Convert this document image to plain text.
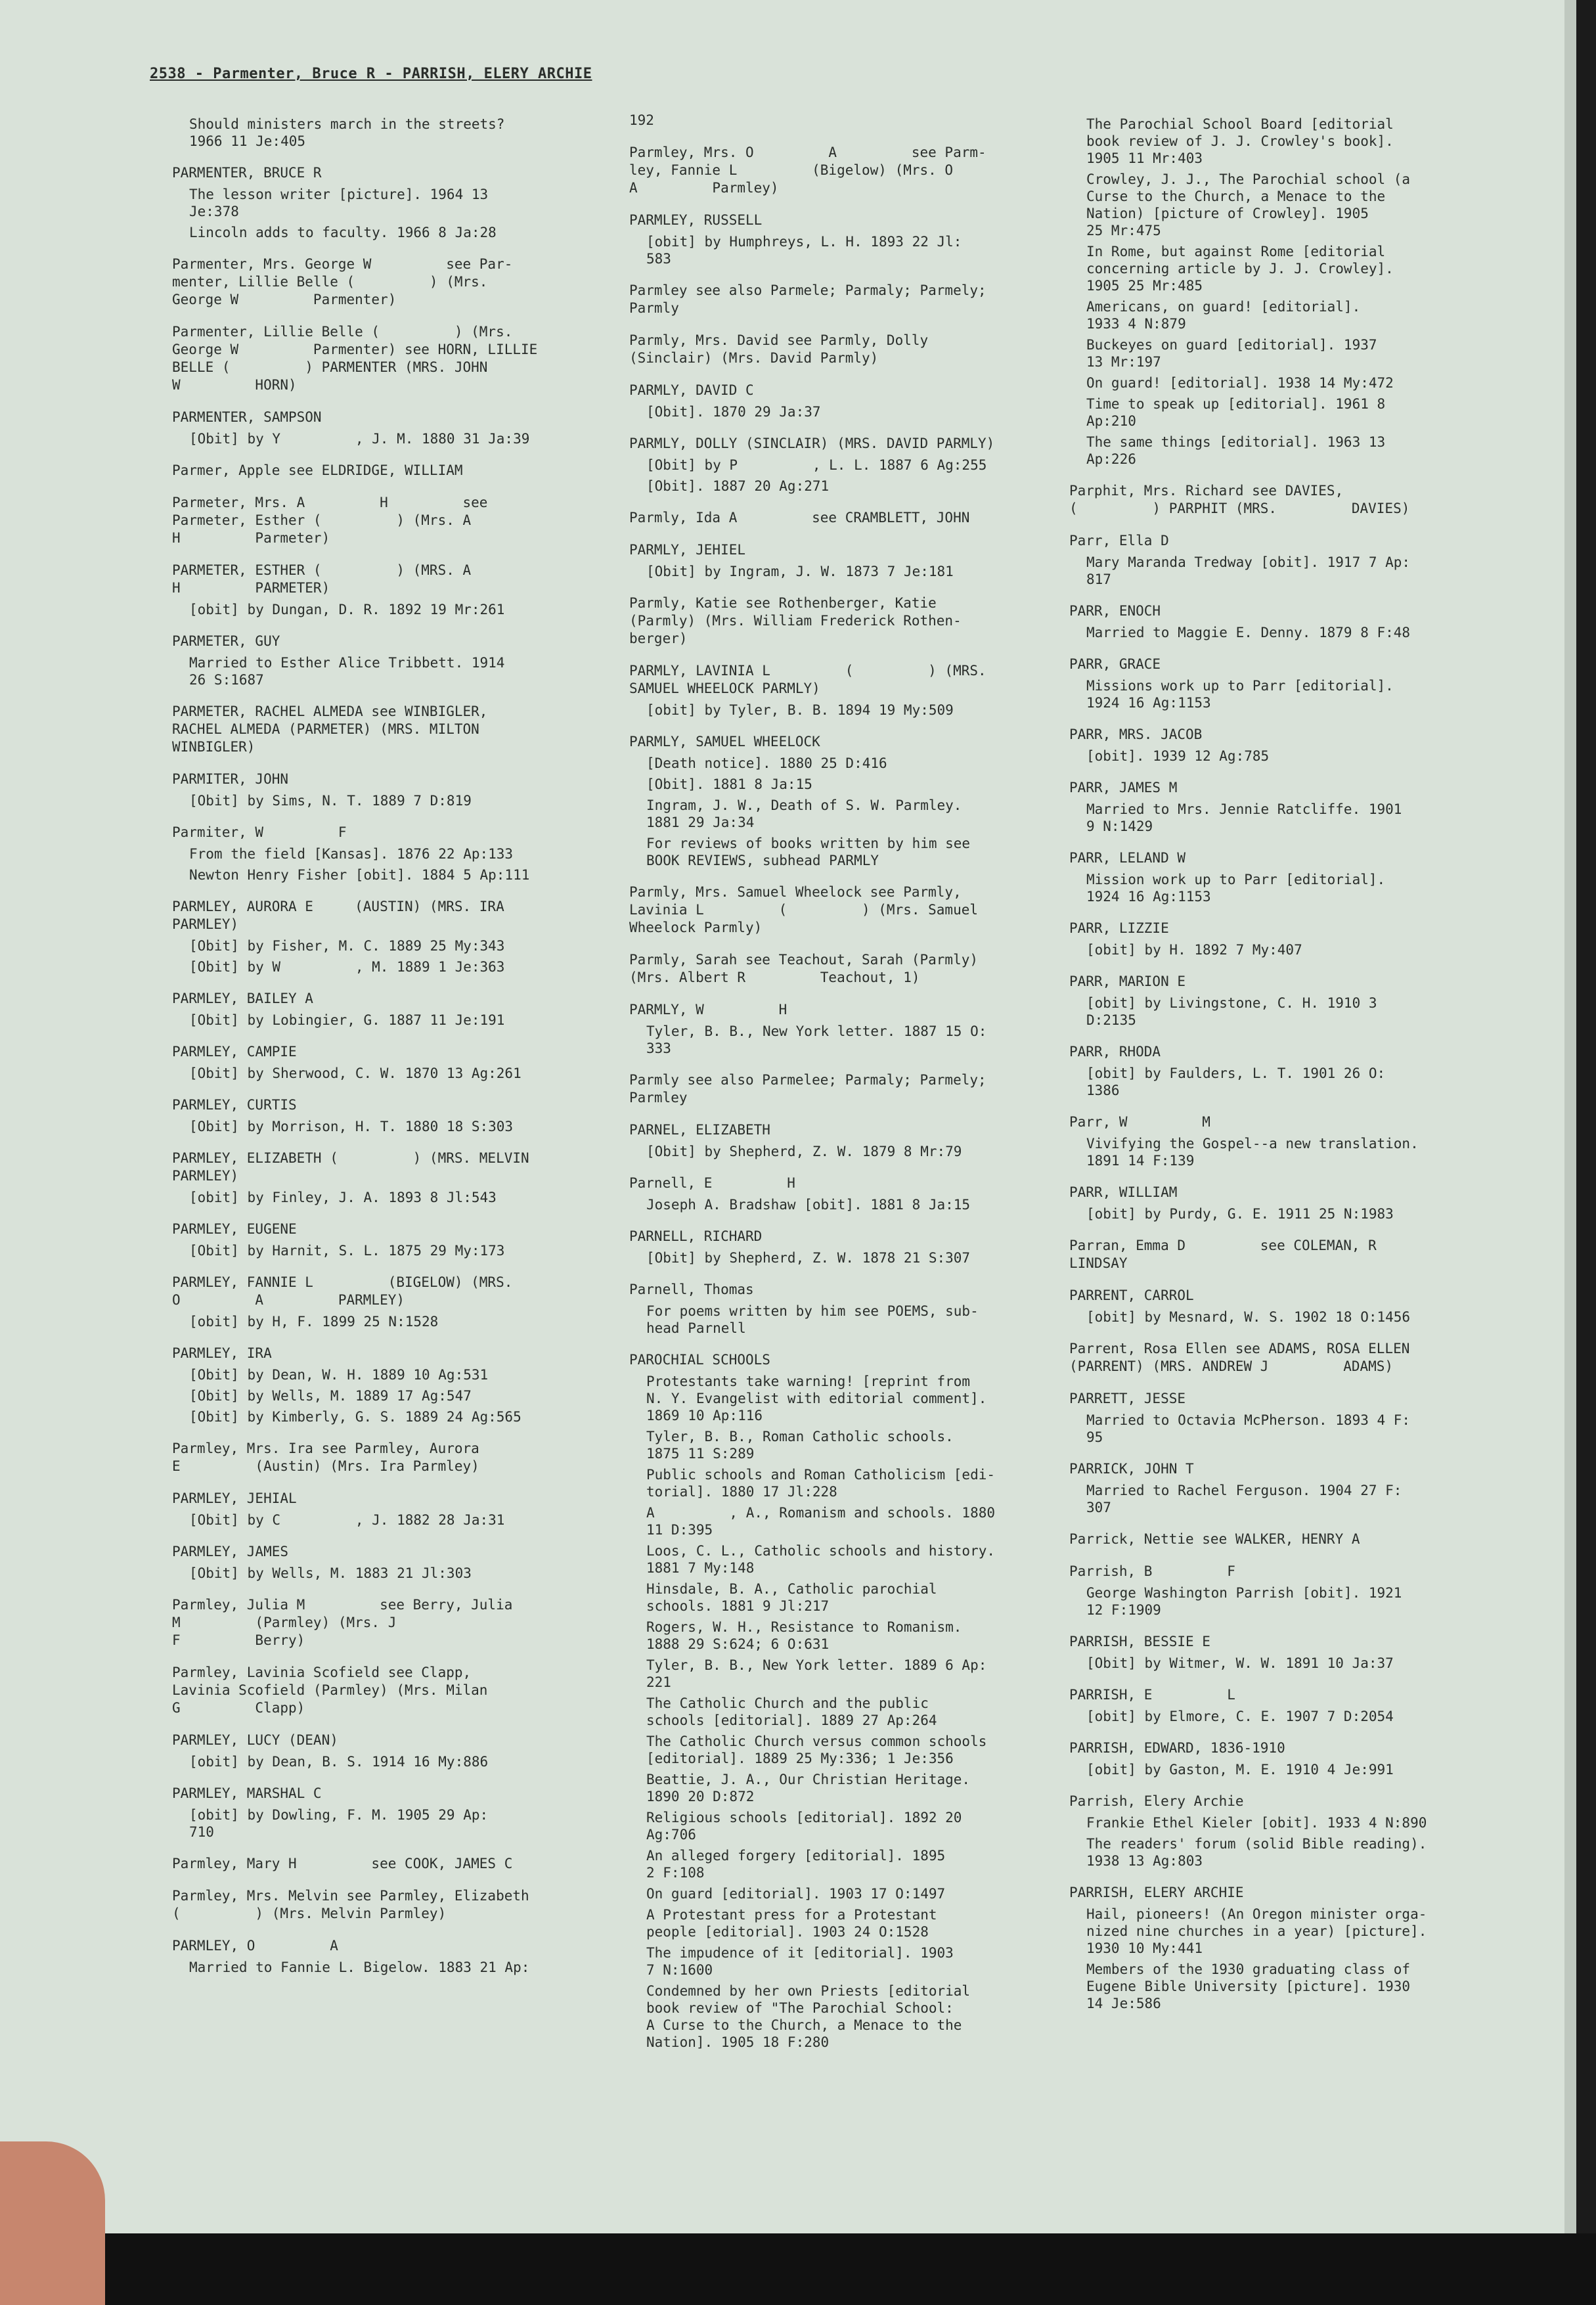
2538 - Parmenter, Bruce R - PARRISH, ELERY ARCHIE
Should ministers march in the streets?
1966 11 Je:405
PARMENTER, BRUCE R
The lesson writer [picture]. 1964 13
Je:378
Lincoln adds to faculty. 1966 8 Ja:28
Parmenter, Mrs. George W         see Par-
menter, Lillie Belle (         ) (Mrs.
George W         Parmenter)
Parmenter, Lillie Belle (         ) (Mrs.
George W         Parmenter) see HORN, LILLIE
BELLE (         ) PARMENTER (MRS. JOHN
W         HORN)
PARMENTER, SAMPSON
[Obit] by Y         , J. M. 1880 31 Ja:39
Parmer, Apple see ELDRIDGE, WILLIAM
Parmeter, Mrs. A         H         see
Parmeter, Esther (         ) (Mrs. A
H         Parmeter)
PARMETER, ESTHER (         ) (MRS. A
H         PARMETER)
[obit] by Dungan, D. R. 1892 19 Mr:261
PARMETER, GUY
Married to Esther Alice Tribbett. 1914
26 S:1687
PARMETER, RACHEL ALMEDA see WINBIGLER,
RACHEL ALMEDA (PARMETER) (MRS. MILTON
WINBIGLER)
PARMITER, JOHN
[Obit] by Sims, N. T. 1889 7 D:819
Parmiter, W         F
From the field [Kansas]. 1876 22 Ap:133
Newton Henry Fisher [obit]. 1884 5 Ap:111
PARMLEY, AURORA E     (AUSTIN) (MRS. IRA
PARMLEY)
[Obit] by Fisher, M. C. 1889 25 My:343
[Obit] by W         , M. 1889 1 Je:363
PARMLEY, BAILEY A
[Obit] by Lobingier, G. 1887 11 Je:191
PARMLEY, CAMPIE
[Obit] by Sherwood, C. W. 1870 13 Ag:261
PARMLEY, CURTIS
[Obit] by Morrison, H. T. 1880 18 S:303
PARMLEY, ELIZABETH (         ) (MRS. MELVIN
PARMLEY)
[obit] by Finley, J. A. 1893 8 Jl:543
PARMLEY, EUGENE
[Obit] by Harnit, S. L. 1875 29 My:173
PARMLEY, FANNIE L         (BIGELOW) (MRS.
O         A         PARMLEY)
[obit] by H, F. 1899 25 N:1528
PARMLEY, IRA
[Obit] by Dean, W. H. 1889 10 Ag:531
[Obit] by Wells, M. 1889 17 Ag:547
[Obit] by Kimberly, G. S. 1889 24 Ag:565
Parmley, Mrs. Ira see Parmley, Aurora
E         (Austin) (Mrs. Ira Parmley)
PARMLEY, JEHIAL
[Obit] by C         , J. 1882 28 Ja:31
PARMLEY, JAMES
[Obit] by Wells, M. 1883 21 Jl:303
Parmley, Julia M         see Berry, Julia
M         (Parmley) (Mrs. J
F         Berry)
Parmley, Lavinia Scofield see Clapp,
Lavinia Scofield (Parmley) (Mrs. Milan
G         Clapp)
PARMLEY, LUCY (DEAN)
[obit] by Dean, B. S. 1914 16 My:886
PARMLEY, MARSHAL C
[obit] by Dowling, F. M. 1905 29 Ap:
710
Parmley, Mary H         see COOK, JAMES C
Parmley, Mrs. Melvin see Parmley, Elizabeth
(         ) (Mrs. Melvin Parmley)
PARMLEY, O         A
Married to Fannie L. Bigelow. 1883 21 Ap:
192
Parmley, Mrs. O         A         see Parm-
ley, Fannie L         (Bigelow) (Mrs. O
A         Parmley)
PARMLEY, RUSSELL
[obit] by Humphreys, L. H. 1893 22 Jl:
583
Parmley see also Parmele; Parmaly; Parmely;
Parmly
Parmly, Mrs. David see Parmly, Dolly
(Sinclair) (Mrs. David Parmly)
PARMLY, DAVID C
[Obit]. 1870 29 Ja:37
PARMLY, DOLLY (SINCLAIR) (MRS. DAVID PARMLY)
[Obit] by P         , L. L. 1887 6 Ag:255
[Obit]. 1887 20 Ag:271
Parmly, Ida A         see CRAMBLETT, JOHN
PARMLY, JEHIEL
[Obit] by Ingram, J. W. 1873 7 Je:181
Parmly, Katie see Rothenberger, Katie
(Parmly) (Mrs. William Frederick Rothen-
berger)
PARMLY, LAVINIA L         (         ) (MRS.
SAMUEL WHEELOCK PARMLY)
[obit] by Tyler, B. B. 1894 19 My:509
PARMLY, SAMUEL WHEELOCK
[Death notice]. 1880 25 D:416
[Obit]. 1881 8 Ja:15
Ingram, J. W., Death of S. W. Parmley.
1881 29 Ja:34
For reviews of books written by him see
BOOK REVIEWS, subhead PARMLY
Parmly, Mrs. Samuel Wheelock see Parmly,
Lavinia L         (         ) (Mrs. Samuel
Wheelock Parmly)
Parmly, Sarah see Teachout, Sarah (Parmly)
(Mrs. Albert R         Teachout, 1)
PARMLY, W         H
Tyler, B. B., New York letter. 1887 15 O:
333
Parmly see also Parmelee; Parmaly; Parmely;
Parmley
PARNEL, ELIZABETH
[Obit] by Shepherd, Z. W. 1879 8 Mr:79
Parnell, E         H
Joseph A. Bradshaw [obit]. 1881 8 Ja:15
PARNELL, RICHARD
[Obit] by Shepherd, Z. W. 1878 21 S:307
Parnell, Thomas
For poems written by him see POEMS, sub-
head Parnell
PAROCHIAL SCHOOLS
Protestants take warning! [reprint from
N. Y. Evangelist with editorial comment].
1869 10 Ap:116
Tyler, B. B., Roman Catholic schools.
1875 11 S:289
Public schools and Roman Catholicism [edi-
torial]. 1880 17 Jl:228
A         , A., Romanism and schools. 1880
11 D:395
Loos, C. L., Catholic schools and history.
1881 7 My:148
Hinsdale, B. A., Catholic parochial
schools. 1881 9 Jl:217
Rogers, W. H., Resistance to Romanism.
1888 29 S:624; 6 O:631
Tyler, B. B., New York letter. 1889 6 Ap:
221
The Catholic Church and the public
schools [editorial]. 1889 27 Ap:264
The Catholic Church versus common schools
[editorial]. 1889 25 My:336; 1 Je:356
Beattie, J. A., Our Christian Heritage.
1890 20 D:872
Religious schools [editorial]. 1892 20
Ag:706
An alleged forgery [editorial]. 1895
2 F:108
On guard [editorial]. 1903 17 O:1497
A Protestant press for a Protestant
people [editorial]. 1903 24 O:1528
The impudence of it [editorial]. 1903
7 N:1600
Condemned by her own Priests [editorial
book review of "The Parochial School:
A Curse to the Church, a Menace to the
Nation]. 1905 18 F:280
The Parochial School Board [editorial
book review of J. J. Crowley's book].
1905 11 Mr:403
Crowley, J. J., The Parochial school (a
Curse to the Church, a Menace to the
Nation) [picture of Crowley]. 1905
25 Mr:475
In Rome, but against Rome [editorial
concerning article by J. J. Crowley].
1905 25 Mr:485
Americans, on guard! [editorial].
1933 4 N:879
Buckeyes on guard [editorial]. 1937
13 Mr:197
On guard! [editorial]. 1938 14 My:472
Time to speak up [editorial]. 1961 8
Ap:210
The same things [editorial]. 1963 13
Ap:226
Parphit, Mrs. Richard see DAVIES,
(         ) PARPHIT (MRS.         DAVIES)
Parr, Ella D
Mary Maranda Tredway [obit]. 1917 7 Ap:
817
PARR, ENOCH
Married to Maggie E. Denny. 1879 8 F:48
PARR, GRACE
Missions work up to Parr [editorial].
1924 16 Ag:1153
PARR, MRS. JACOB
[obit]. 1939 12 Ag:785
PARR, JAMES M
Married to Mrs. Jennie Ratcliffe. 1901
9 N:1429
PARR, LELAND W
Mission work up to Parr [editorial].
1924 16 Ag:1153
PARR, LIZZIE
[obit] by H. 1892 7 My:407
PARR, MARION E
[obit] by Livingstone, C. H. 1910 3
D:2135
PARR, RHODA
[obit] by Faulders, L. T. 1901 26 O:
1386
Parr, W         M
Vivifying the Gospel--a new translation.
1891 14 F:139
PARR, WILLIAM
[obit] by Purdy, G. E. 1911 25 N:1983
Parran, Emma D         see COLEMAN, R
LINDSAY
PARRENT, CARROL
[obit] by Mesnard, W. S. 1902 18 O:1456
Parrent, Rosa Ellen see ADAMS, ROSA ELLEN
(PARRENT) (MRS. ANDREW J         ADAMS)
PARRETT, JESSE
Married to Octavia McPherson. 1893 4 F:
95
PARRICK, JOHN T
Married to Rachel Ferguson. 1904 27 F:
307
Parrick, Nettie see WALKER, HENRY A
Parrish, B         F
George Washington Parrish [obit]. 1921
12 F:1909
PARRISH, BESSIE E
[Obit] by Witmer, W. W. 1891 10 Ja:37
PARRISH, E         L
[obit] by Elmore, C. E. 1907 7 D:2054
PARRISH, EDWARD, 1836-1910
[obit] by Gaston, M. E. 1910 4 Je:991
Parrish, Elery Archie
Frankie Ethel Kieler [obit]. 1933 4 N:890
The readers' forum (solid Bible reading).
1938 13 Ag:803
PARRISH, ELERY ARCHIE
Hail, pioneers! (An Oregon minister orga-
nized nine churches in a year) [picture].
1930 10 My:441
Members of the 1930 graduating class of
Eugene Bible University [picture]. 1930
14 Je:586
